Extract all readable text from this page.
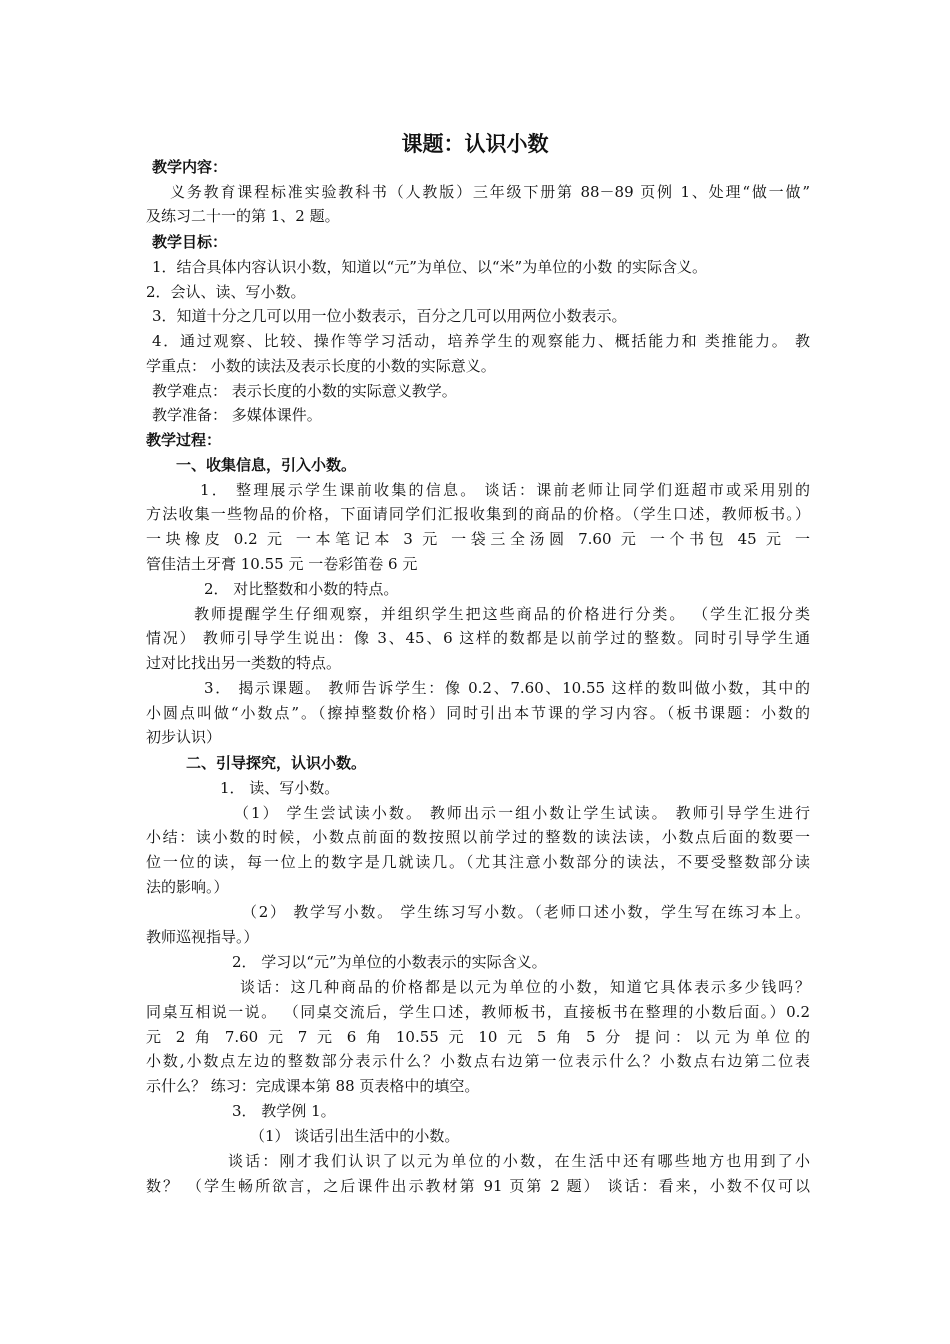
课题：认识小数
教学内容：
义务教育课程标准实验教科书（人教版）三年级下册第 88－89 页例 1、处理“做一做”
及练习二十一的第 1、2 题。
教学目标：
1．结合具体内容认识小数，知道以“元”为单位、以“米”为单位的小数 的实际含义。
2．会认、读、写小数。
3．知道十分之几可以用一位小数表示，百分之几可以用两位小数表示。
4．通过观察、比较、操作等学习活动，培养学生的观察能力、概括能力和 类推能力。 教
学重点： 小数的读法及表示长度的小数的实际意义。
教学难点： 表示长度的小数的实际意义教学。
教学准备： 多媒体课件。
教学过程：
一、收集信息，引入小数。
1． 整理展示学生课前收集的信息。 谈话：课前老师让同学们逛超市或采用别的
方法收集一些物品的价格，下面请同学们汇报收集到的商品的价格。（学生口述，教师板书。）
一块橡皮 0.2 元 一本笔记本 3 元 一袋三全汤圆 7.60 元 一个书包 45 元 一
管佳洁土牙膏 10.55 元 一卷彩笛卷 6 元
2． 对比整数和小数的特点。
教师提醒学生仔细观察，并组织学生把这些商品的价格进行分类。 （学生汇报分类
情况） 教师引导学生说出：像 3、45、6 这样的数都是以前学过的整数。同时引导学生通
过对比找出另一类数的特点。
3． 揭示课题。 教师告诉学生：像 0.2、7.60、10.55 这样的数叫做小数，其中的
小圆点叫做“小数点”。（擦掉整数价格）同时引出本节课的学习内容。（板书课题：小数的
初步认识）
二、引导探究，认识小数。
1． 读、写小数。
（1） 学生尝试读小数。 教师出示一组小数让学生试读。 教师引导学生进行
小结：读小数的时候，小数点前面的数按照以前学过的整数的读法读，小数点后面的数要一
位一位的读，每一位上的数字是几就读几。（尤其注意小数部分的读法，不要受整数部分读
法的影响。）
（2） 教学写小数。 学生练习写小数。（老师口述小数，学生写在练习本上。
教师巡视指导。）
2． 学习以“元”为单位的小数表示的实际含义。
谈话：这几种商品的价格都是以元为单位的小数，知道它具体表示多少钱吗？
同桌互相说一说。 （同桌交流后，学生口述，教师板书，直接板书在整理的小数后面。）0.2
元 2 角 7.60 元 7 元 6 角 10.55 元 10 元 5 角 5 分 提问：以元为单位的
小数,小数点左边的整数部分表示什么？小数点右边第一位表示什么？小数点右边第二位表
示什么？ 练习：完成课本第 88 页表格中的填空。
3． 教学例 1。
（1） 谈话引出生活中的小数。
谈话：刚才我们认识了以元为单位的小数，在生活中还有哪些地方也用到了小
数？ （学生畅所欲言，之后课件出示教材第 91 页第 2 题） 谈话：看来，小数不仅可以
